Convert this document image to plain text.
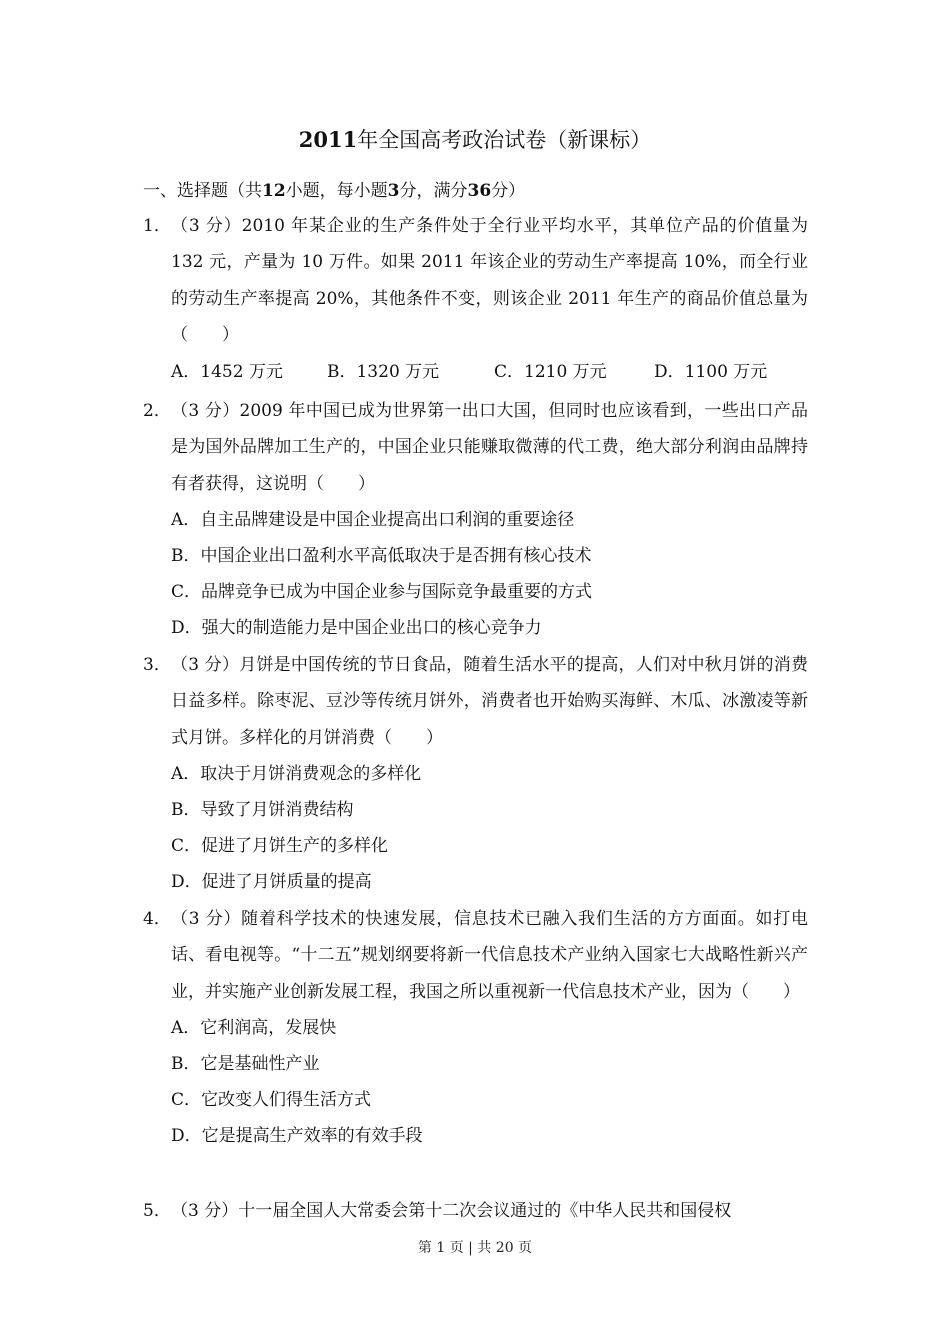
2011年全国高考政治试卷（新课标）
一、选择题（共12小题，每小题3分，满分36分）
1． （3 分）2010 年某企业的生产条件处于全行业平均水平，其单位产品的价值量为 132 元，产量为 10 万件。如果 2011 年该企业的劳动生产率提高 10%，而全行业的劳动生产率提高 20%，其他条件不变，则该企业 2011 年生产的商品价值总量为（　　）
A．1452 万元	B．1320 万元	C．1210 万元	D．1100 万元
2． （3 分）2009 年中国已成为世界第一出口大国，但同时也应该看到，一些出口产品是为国外品牌加工生产的，中国企业只能赚取微薄的代工费，绝大部分利润由品牌持有者获得，这说明（　　）
A．自主品牌建设是中国企业提高出口利润的重要途径
B．中国企业出口盈利水平高低取决于是否拥有核心技术
C．品牌竞争已成为中国企业参与国际竞争最重要的方式
D．强大的制造能力是中国企业出口的核心竞争力
3． （3 分）月饼是中国传统的节日食品，随着生活水平的提高，人们对中秋月饼的消费日益多样。除枣泥、豆沙等传统月饼外，消费者也开始购买海鲜、木瓜、冰激凌等新式月饼。多样化的月饼消费（　　）
A．取决于月饼消费观念的多样化
B．导致了月饼消费结构
C．促进了月饼生产的多样化
D．促进了月饼质量的提高
4． （3 分）随着科学技术的快速发展，信息技术已融入我们生活的方方面面。如打电话、看电视等。“十二五”规划纲要将新一代信息技术产业纳入国家七大战略性新兴产业，并实施产业创新发展工程，我国之所以重视新一代信息技术产业，因为（　　）
A．它利润高，发展快
B．它是基础性产业
C．它改变人们得生活方式
D．它是提高生产效率的有效手段
5． （3 分）十一届全国人大常委会第十二次会议通过的《中华人民共和国侵权
第 1 页 | 共 20 页
